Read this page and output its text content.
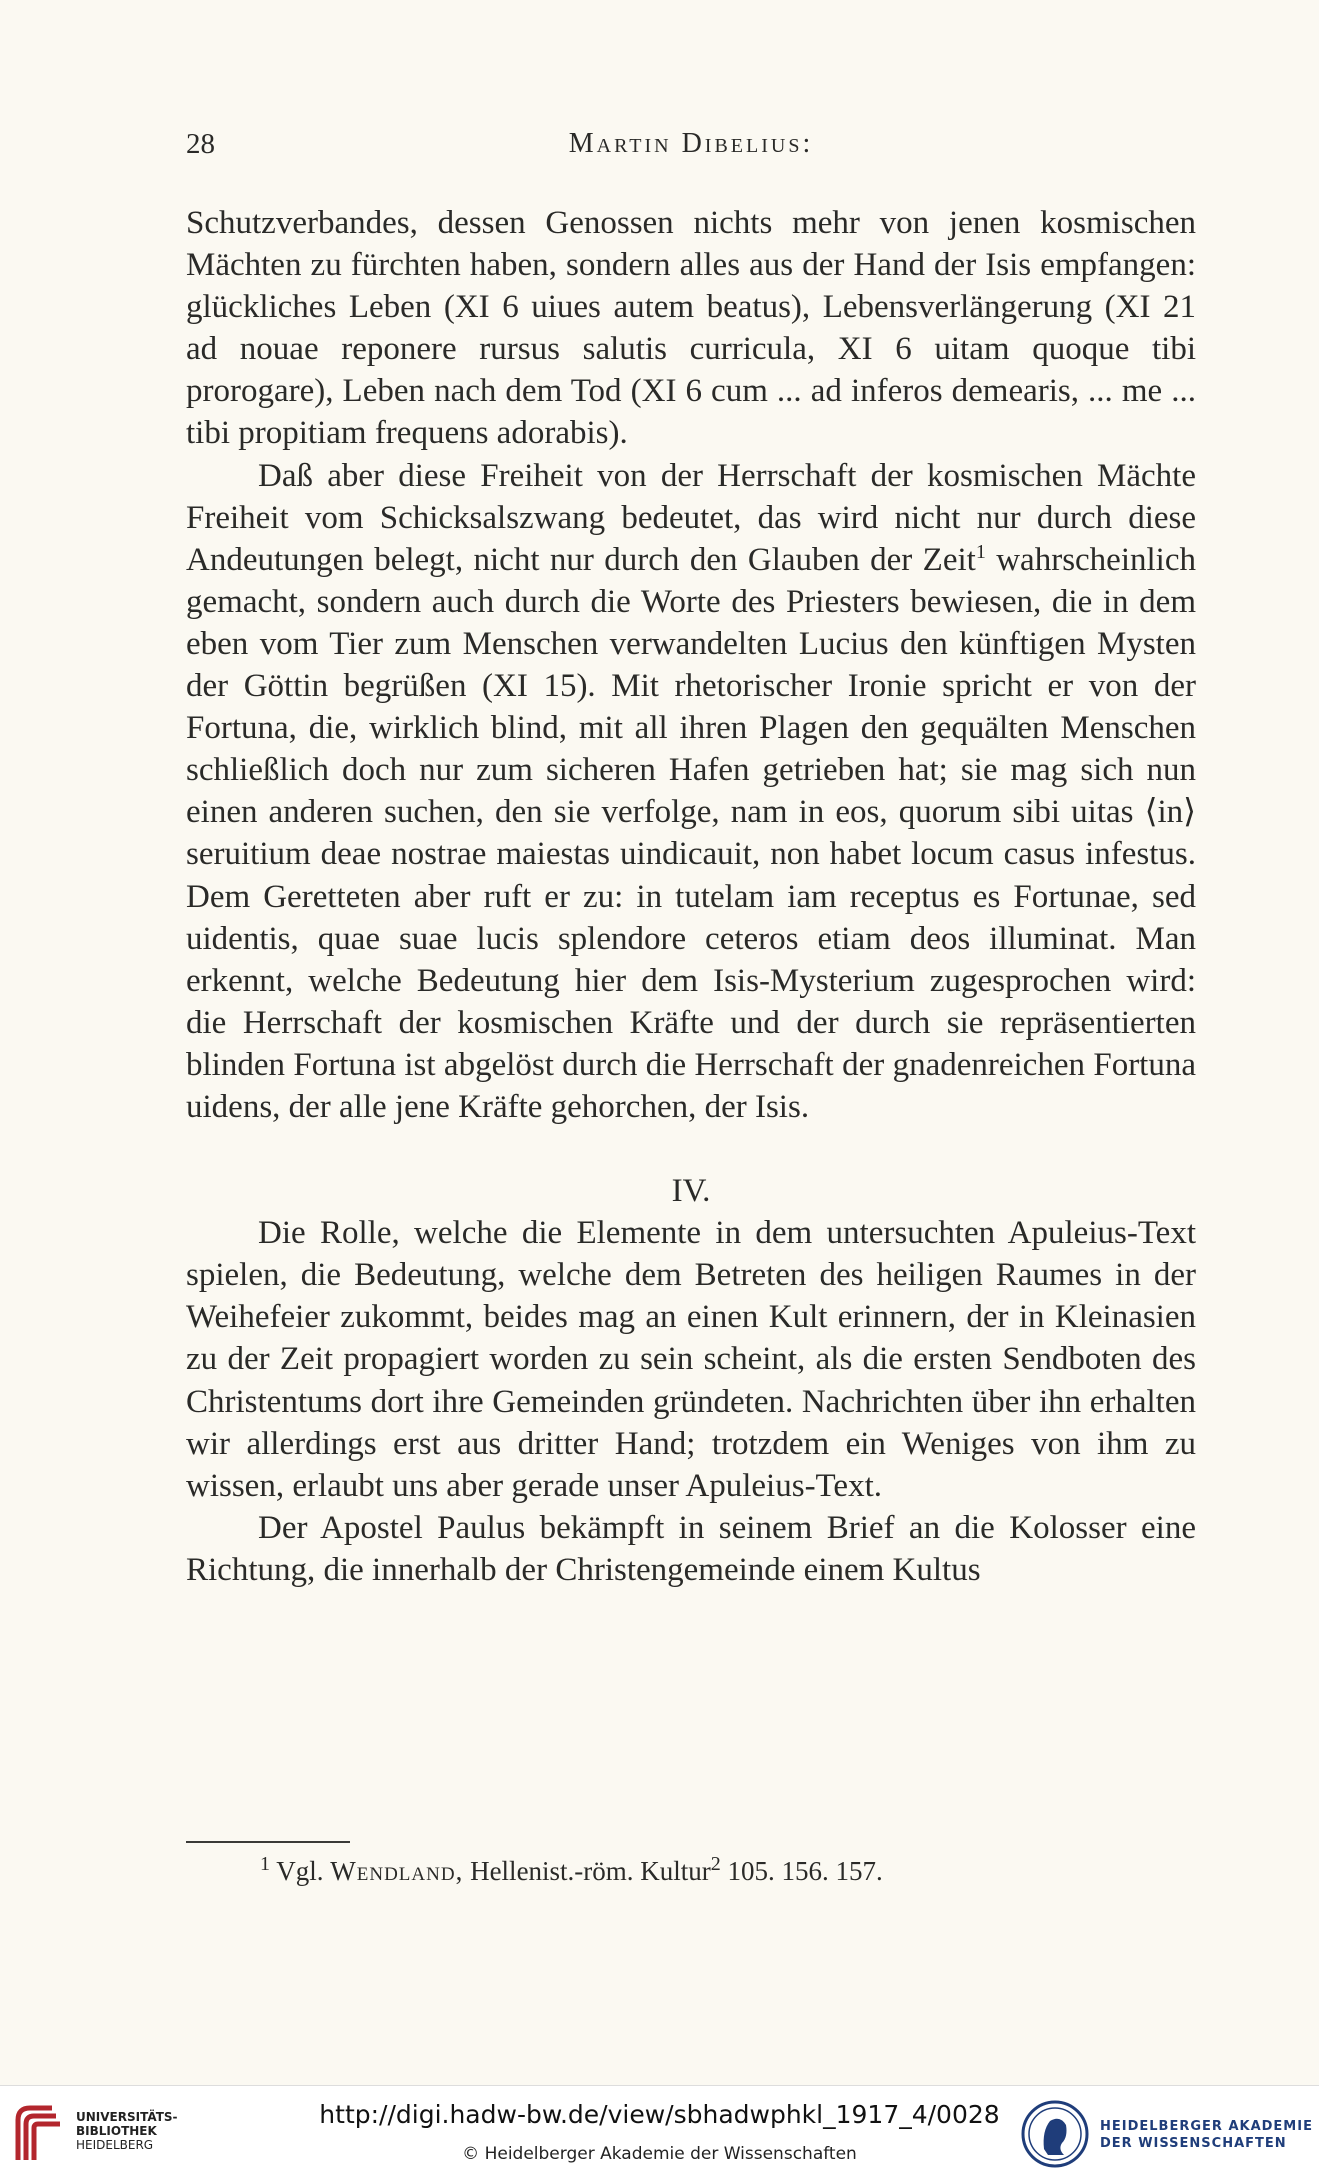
28	Martin Dibelius:

Schutzverbandes, dessen Genossen nichts mehr von jenen kosmischen Mächten zu fürchten haben, sondern alles aus der Hand der Isis empfangen: glückliches Leben (XI 6 uiues autem beatus), Lebensverlängerung (XI 21 ad nouae reponere rursus salutis curricula, XI 6 uitam quoque tibi prorogare), Leben nach dem Tod (XI 6 cum ... ad inferos demearis, ... me ... tibi propitiam frequens adorabis).

Daß aber diese Freiheit von der Herrschaft der kosmischen Mächte Freiheit vom Schicksalszwang bedeutet, das wird nicht nur durch diese Andeutungen belegt, nicht nur durch den Glauben der Zeit$^1$ wahrscheinlich gemacht, sondern auch durch die Worte des Priesters bewiesen, die in dem eben vom Tier zum Menschen verwandelten Lucius den künftigen Mysten der Göttin begrüßen (XI 15). Mit rhetorischer Ironie spricht er von der Fortuna, die, wirklich blind, mit all ihren Plagen den gequälten Menschen schließlich doch nur zum sicheren Hafen getrieben hat; sie mag sich nun einen anderen suchen, den sie verfolge, nam in eos, quorum sibi uitas ⟨in⟩ seruitium deae nostrae maiestas uindicauit, non habet locum casus infestus. Dem Geretteten aber ruft er zu: in tutelam iam receptus es Fortunae, sed uidentis, quae suae lucis splendore ceteros etiam deos illuminat. Man erkennt, welche Bedeutung hier dem Isis-Mysterium zugesprochen wird: die Herrschaft der kosmischen Kräfte und der durch sie repräsentierten blinden Fortuna ist abgelöst durch die Herrschaft der gnadenreichen Fortuna uidens, der alle jene Kräfte gehorchen, der Isis.

IV.

Die Rolle, welche die Elemente in dem untersuchten Apuleius-Text spielen, die Bedeutung, welche dem Betreten des heiligen Raumes in der Weihefeier zukommt, beides mag an einen Kult erinnern, der in Kleinasien zu der Zeit propagiert worden zu sein scheint, als die ersten Sendboten des Christentums dort ihre Gemeinden gründeten. Nachrichten über ihn erhalten wir allerdings erst aus dritter Hand; trotzdem ein Weniges von ihm zu wissen, erlaubt uns aber gerade unser Apuleius-Text.

Der Apostel Paulus bekämpft in seinem Brief an die Kolosser eine Richtung, die innerhalb der Christengemeinde einem Kultus

$^1$ Vgl. Wendland, Hellenist.-röm. Kultur$^2$ 105. 156. 157.
UNIVERSITÄTS-
BIBLIOTHEK
HEIDELBERG
http://digi.hadw-bw.de/view/sbhadwphkl_1917_4/0028
© Heidelberger Akademie der Wissenschaften
HEIDELBERGER AKADEMIE
DER WISSENSCHAFTEN
